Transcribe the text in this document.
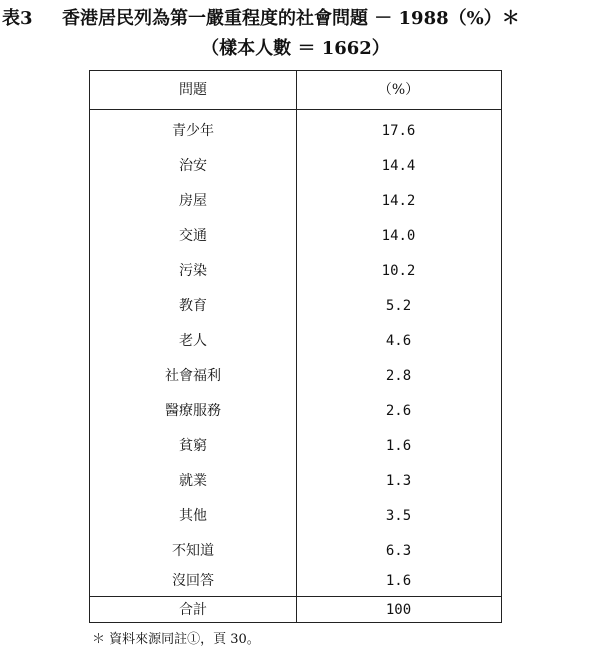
表3 香港居民列為第一嚴重程度的社會問題 － 1988（%）＊
（樣本人數 ＝ 1662）
問題	（%）
青少年	17.6
治安	14.4
房屋	14.2
交通	14.0
污染	10.2
教育	5.2
老人	4.6
社會福利	2.8
醫療服務	2.6
貧窮	1.6
就業	1.3
其他	3.5
不知道	6.3
沒回答	1.6
合計	100
＊ 資料來源同註①，頁 30。
